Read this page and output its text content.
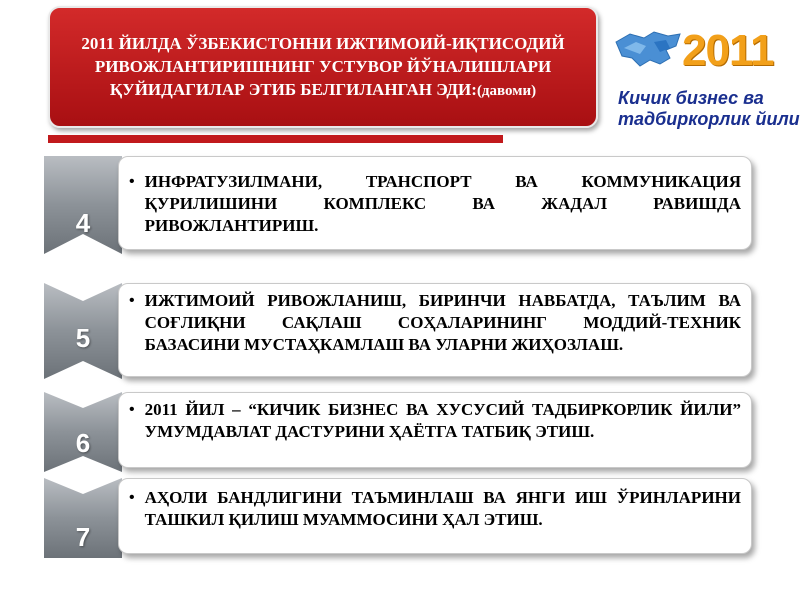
2011 ЙИЛДА ЎЗБЕКИСТОННИ ИЖТИМОИЙ-ИҚТИСОДИЙ РИВОЖЛАНТИРИШНИНГ УСТУВОР ЙЎНАЛИШЛАРИ ҚУЙИДАГИЛАР ЭТИБ БЕЛГИЛАНГАН ЭДИ:(давоми)
2011
Кичик бизнес ва
тадбиркорлик йили
4
• ИНФРАТУЗИЛМАНИ, ТРАНСПОРТ ВА КОММУНИКАЦИЯ ҚУРИЛИШИНИ КОМПЛЕКС ВА ЖАДАЛ РАВИШДА РИВОЖЛАНТИРИШ.
5
• ИЖТИМОИЙ РИВОЖЛАНИШ, БИРИНЧИ НАВБАТДА, ТАЪЛИМ ВА СОҒЛИҚНИ САҚЛАШ СОҲАЛАРИНИНГ МОДДИЙ-ТЕХНИК БАЗАСИНИ МУСТАҲКАМЛАШ ВА УЛАРНИ ЖИҲОЗЛАШ.
6
• 2011 ЙИЛ – “КИЧИК БИЗНЕС ВА ХУСУСИЙ ТАДБИРКОРЛИК ЙИЛИ” УМУМДАВЛАТ ДАСТУРИНИ ҲАЁТГА ТАТБИҚ ЭТИШ.
7
• АҲОЛИ БАНДЛИГИНИ ТАЪМИНЛАШ ВА ЯНГИ ИШ ЎРИНЛАРИНИ ТАШКИЛ ҚИЛИШ МУАММОСИНИ ҲАЛ ЭТИШ.
